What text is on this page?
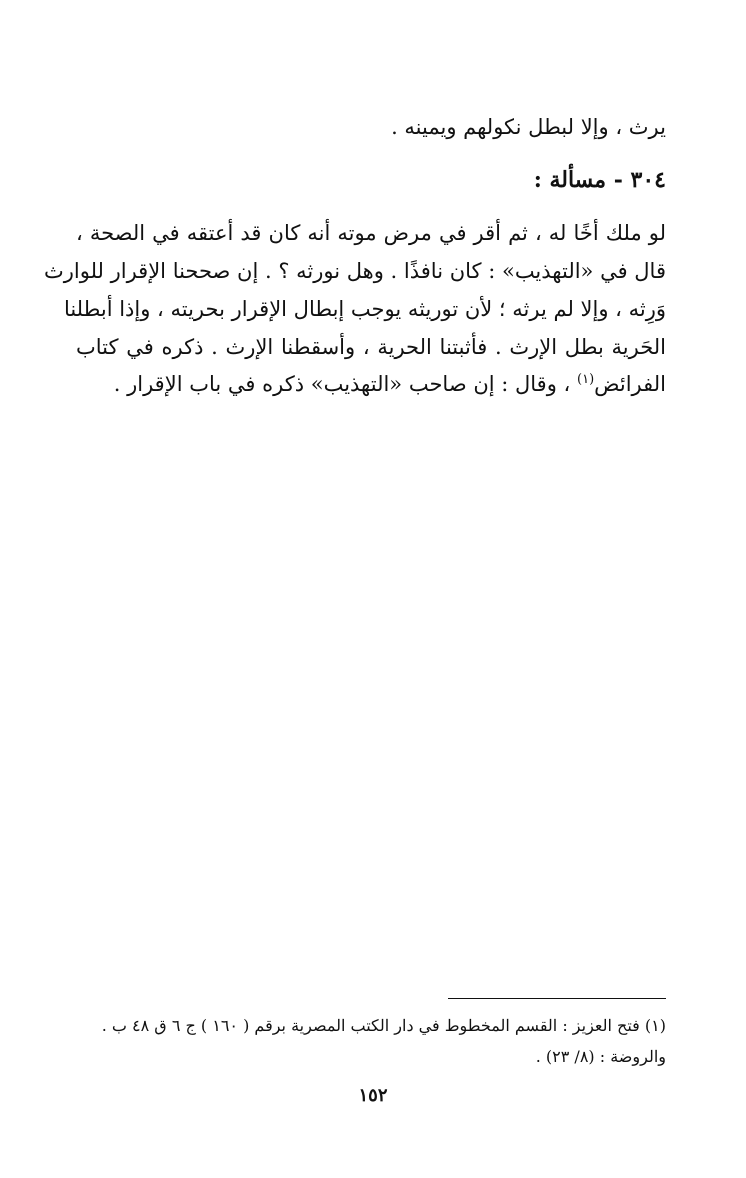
يرث ، وإلا لبطل نكولهم ويمينه .
٣٠٤ - مسألة :
لو ملك أخًا له ، ثم أقر في مرض موته أنه كان قد أعتقه في الصحة ،
قال في «التهذيب» : كان نافذًا . وهل نورثه ؟ . إن صححنا الإقرار للوارث
وَرِثه ، وإلا لم يرثه ؛ لأن توريثه يوجب إبطال الإقرار بحريته ، وإذا أبطلنا
الحَرية بطل الإرث . فأثبتنا الحرية ، وأسقطنا الإرث . ذكره في كتاب
الفرائض$^{(١)}$ ، وقال : إن صاحب «التهذيب» ذكره في باب الإقرار .
(١) فتح العزيز : القسم المخطوط في دار الكتب المصرية برقم ( ١٦٠ ) ج ٦ ق ٤٨ ب .
والروضة : (٨/ ٢٣) .
١٥٢
